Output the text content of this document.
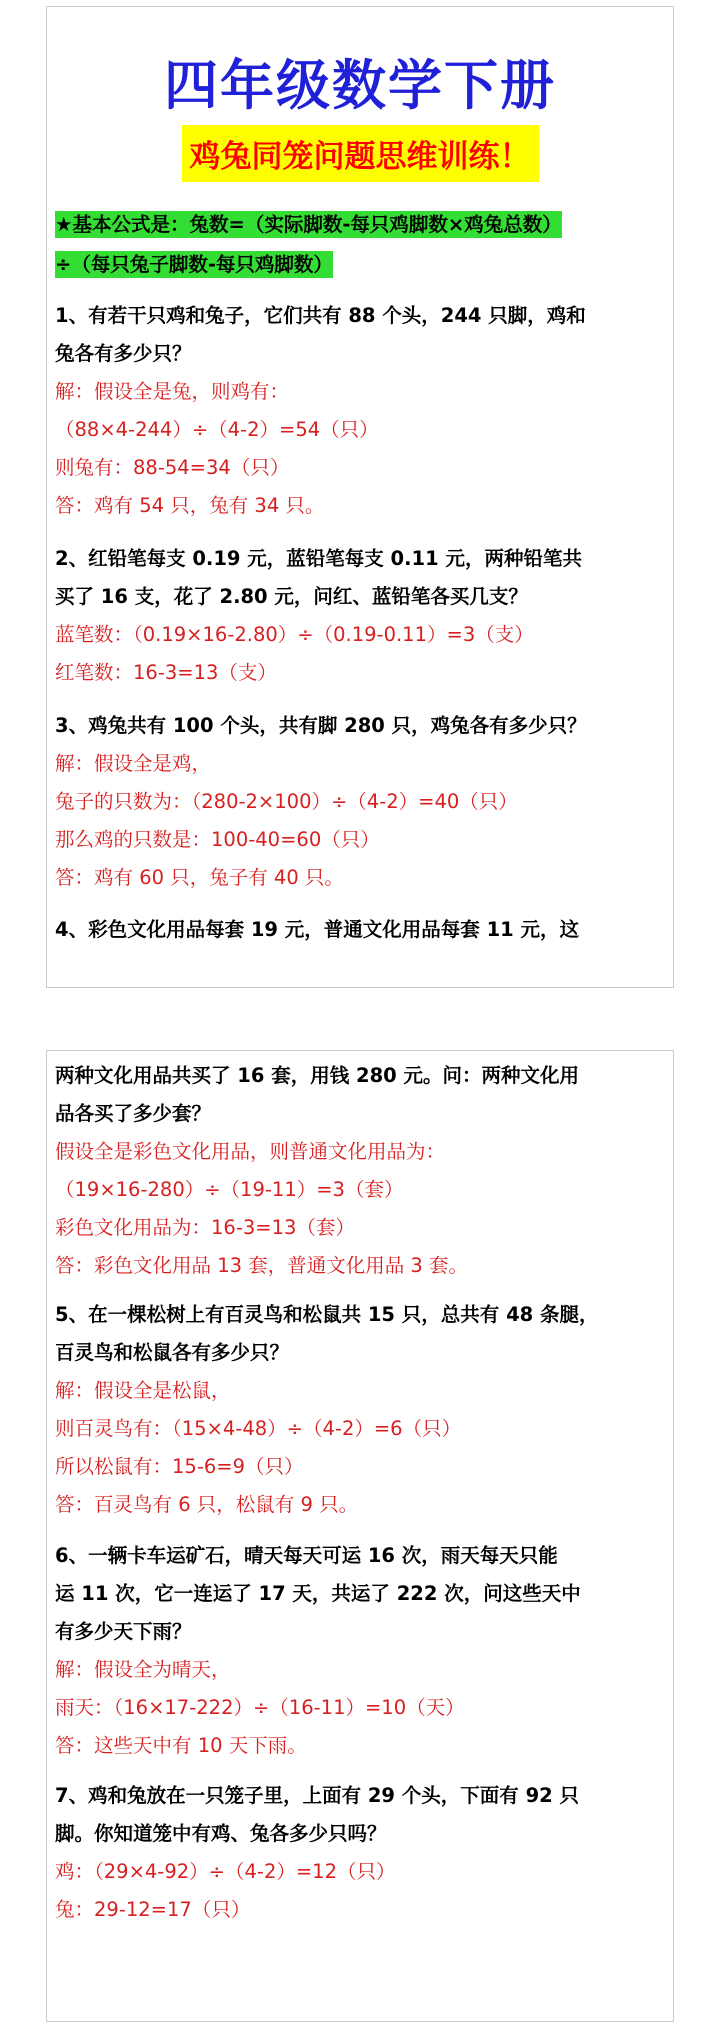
四年级数学下册
鸡兔同笼问题思维训练！

★基本公式是：兔数=（实际脚数-每只鸡脚数×鸡兔总数）

÷（每只兔子脚数-每只鸡脚数）

1、有若干只鸡和兔子，它们共有 88 个头，244 只脚，鸡和

兔各有多少只？

解：假设全是兔，则鸡有：

（88×4-244）÷（4-2）=54（只）

则兔有：88-54=34（只）

答：鸡有 54 只，兔有 34 只。

2、红铅笔每支 0.19 元，蓝铅笔每支 0.11 元，两种铅笔共

买了 16 支，花了 2.80 元，问红、蓝铅笔各买几支？

蓝笔数：（0.19×16-2.80）÷（0.19-0.11）=3（支）

红笔数：16-3=13（支）

3、鸡兔共有 100 个头，共有脚 280 只，鸡兔各有多少只？

解：假设全是鸡，

兔子的只数为：（280-2×100）÷（4-2）=40（只）

那么鸡的只数是：100-40=60（只）

答：鸡有 60 只，兔子有 40 只。

4、彩色文化用品每套 19 元，普通文化用品每套 11 元，这

两种文化用品共买了 16 套，用钱 280 元。问：两种文化用

品各买了多少套？

假设全是彩色文化用品，则普通文化用品为：

（19×16-280）÷（19-11）=3（套）

彩色文化用品为：16-3=13（套）

答：彩色文化用品 13 套，普通文化用品 3 套。

5、在一棵松树上有百灵鸟和松鼠共 15 只，总共有 48 条腿，

百灵鸟和松鼠各有多少只？

解：假设全是松鼠，

则百灵鸟有：（15×4-48）÷（4-2）=6（只）

所以松鼠有：15-6=9（只）

答：百灵鸟有 6 只，松鼠有 9 只。

6、一辆卡车运矿石，晴天每天可运 16 次，雨天每天只能

运 11 次，它一连运了 17 天，共运了 222 次，问这些天中

有多少天下雨？

解：假设全为晴天，

雨天：（16×17-222）÷（16-11）=10（天）

答：这些天中有 10 天下雨。

7、鸡和兔放在一只笼子里，上面有 29 个头，下面有 92 只

脚。你知道笼中有鸡、兔各多少只吗？

鸡：（29×4-92）÷（4-2）=12（只）

兔：29-12=17（只）
